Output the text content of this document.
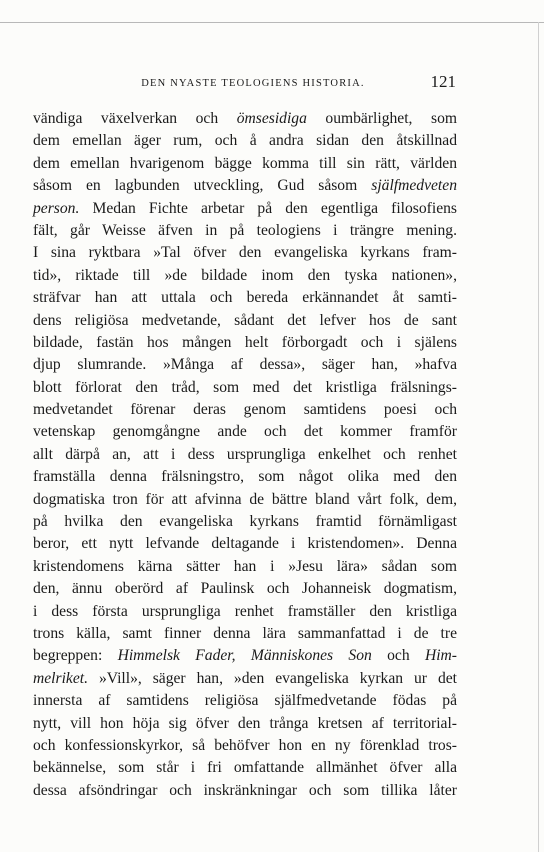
DEN NYASTE TEOLOGIENS HISTORIA.	121
vändiga växelverkan och ömsesidiga oumbärlighet, som
dem emellan äger rum, och å andra sidan den åtskillnad
dem emellan hvarigenom bägge komma till sin rätt, världen
såsom en lagbunden utveckling, Gud såsom själfmedveten
person. Medan Fichte arbetar på den egentliga filosofiens
fält, går Weisse äfven in på teologiens i trängre mening.
I sina ryktbara »Tal öfver den evangeliska kyrkans fram-
tid», riktade till »de bildade inom den tyska nationen»,
sträfvar han att uttala och bereda erkännandet åt samti-
dens religiösa medvetande, sådant det lefver hos de sant
bildade, fastän hos mången helt förborgadt och i själens
djup slumrande. »Många af dessa», säger han, »hafva
blott förlorat den tråd, som med det kristliga frälsnings-
medvetandet förenar deras genom samtidens poesi och
vetenskap genomgångne ande och det kommer framför
allt därpå an, att i dess ursprungliga enkelhet och renhet
framställa denna frälsningstro, som något olika med den
dogmatiska tron för att afvinna de bättre bland vårt folk, dem,
på hvilka den evangeliska kyrkans framtid förnämligast
beror, ett nytt lefvande deltagande i kristendomen». Denna
kristendomens kärna sätter han i »Jesu lära» sådan som
den, ännu oberörd af Paulinsk och Johanneisk dogmatism,
i dess första ursprungliga renhet framställer den kristliga
trons källa, samt finner denna lära sammanfattad i de tre
begreppen: Himmelsk Fader, Människones Son och Him-
melriket. »Vill», säger han, »den evangeliska kyrkan ur det
innersta af samtidens religiösa själfmedvetande födas på
nytt, vill hon höja sig öfver den trånga kretsen af territorial-
och konfessionskyrkor, så behöfver hon en ny förenklad tros-
bekännelse, som står i fri omfattande allmänhet öfver alla
dessa afsöndringar och inskränkningar och som tillika låter
